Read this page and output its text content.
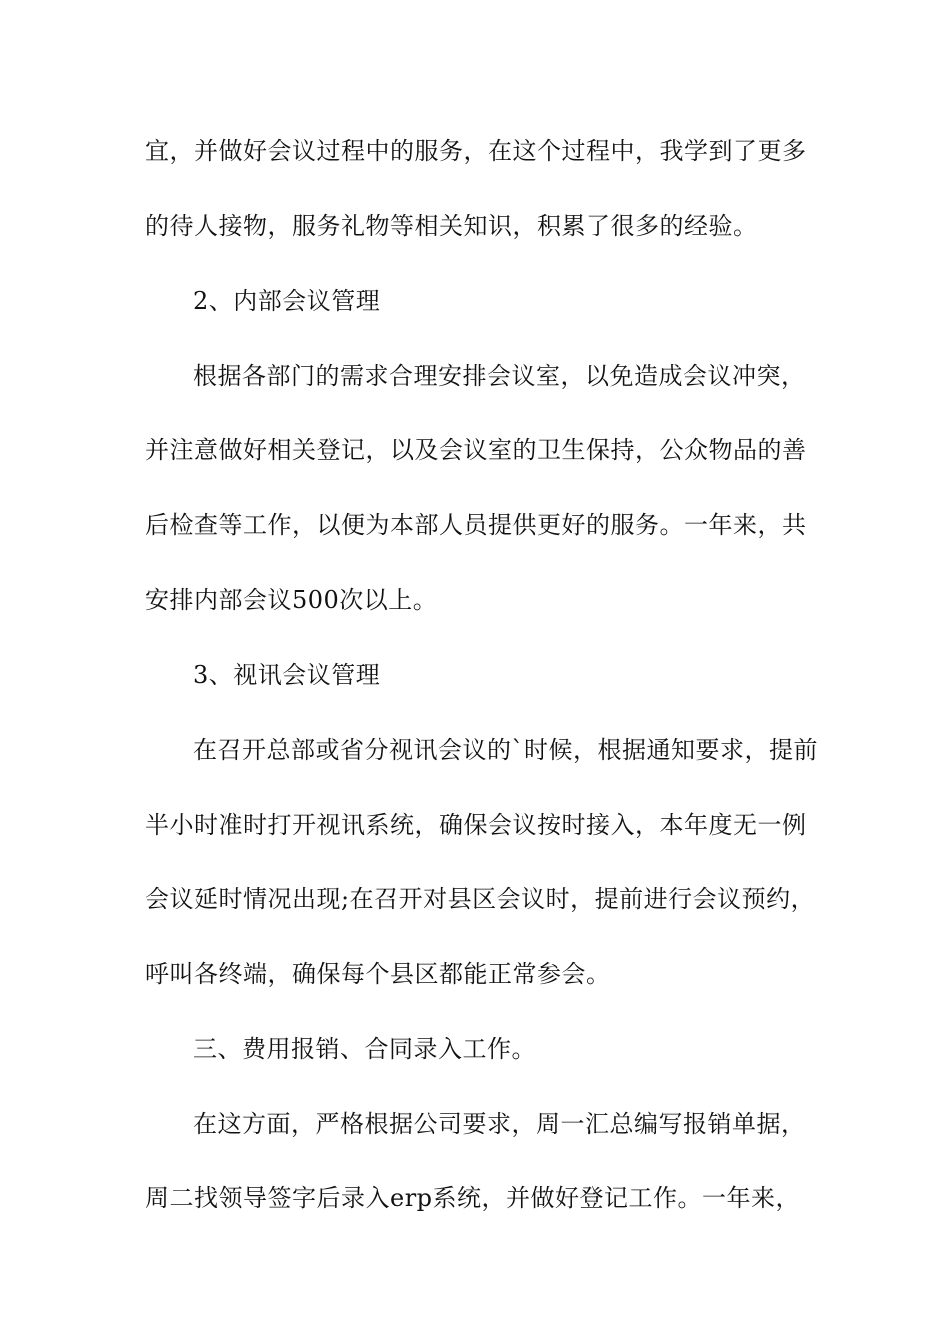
宜，并做好会议过程中的服务，在这个过程中，我学到了更多
的待人接物，服务礼物等相关知识，积累了很多的经验。
2、内部会议管理
根据各部门的需求合理安排会议室，以免造成会议冲突，
并注意做好相关登记，以及会议室的卫生保持，公众物品的善
后检查等工作，以便为本部人员提供更好的服务。一年来，共
安排内部会议500次以上。
3、视讯会议管理
在召开总部或省分视讯会议的`时候，根据通知要求，提前
半小时准时打开视讯系统，确保会议按时接入，本年度无一例
会议延时情况出现;在召开对县区会议时，提前进行会议预约，
呼叫各终端，确保每个县区都能正常参会。
三、费用报销、合同录入工作。
在这方面，严格根据公司要求，周一汇总编写报销单据，
周二找领导签字后录入erp系统，并做好登记工作。一年来，
